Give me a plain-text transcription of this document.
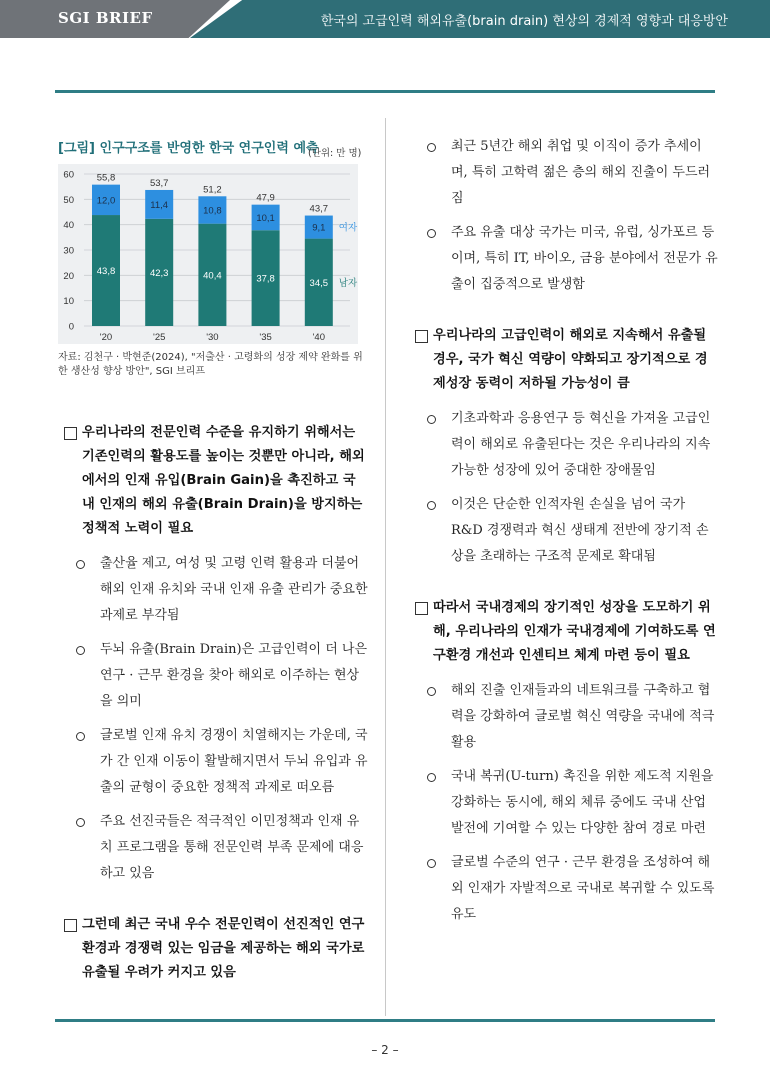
SGI BRIEF	한국의 고급인력 해외유출(brain drain) 현상의 경제적 영향과 대응방안
[그림] 인구구조를 반영한 한국 연구인력 예측
(단위: 만 명)
0
10
20
30
40
50
60
43,8
12,0
55,8
'20
42,3
11,4
53,7
'25
40,4
10,8
51,2
'30
37,8
10,1
47,9
'35
34,5
9,1
43,7
'40
여자
남자
자료: 김천구 · 박현준(2024), "저출산 · 고령화의 성장 제약 완화를 위한 생산성 향상 방안", SGI 브리프
우리나라의 전문인력 수준을 유지하기 위해서는 기존인력의 활용도를 높이는 것뿐만 아니라, 해외에서의 인재 유입(Brain Gain)을 촉진하고 국내 인재의 해외 유출(Brain Drain)을 방지하는 정책적 노력이 필요
출산율 제고, 여성 및 고령 인력 활용과 더불어 해외 인재 유치와 국내 인재 유출 관리가 중요한 과제로 부각됨
두뇌 유출(Brain Drain)은 고급인력이 더 나은 연구 · 근무 환경을 찾아 해외로 이주하는 현상을 의미
글로벌 인재 유치 경쟁이 치열해지는 가운데, 국가 간 인재 이동이 활발해지면서 두뇌 유입과 유출의 균형이 중요한 정책적 과제로 떠오름
주요 선진국들은 적극적인 이민정책과 인재 유치 프로그램을 통해 전문인력 부족 문제에 대응하고 있음
그런데 최근 국내 우수 전문인력이 선진적인 연구 환경과 경쟁력 있는 임금을 제공하는 해외 국가로 유출될 우려가 커지고 있음
최근 5년간 해외 취업 및 이직이 증가 추세이며, 특히 고학력 젊은 층의 해외 진출이 두드러짐
주요 유출 대상 국가는 미국, 유럽, 싱가포르 등이며, 특히 IT, 바이오, 금융 분야에서 전문가 유출이 집중적으로 발생함
우리나라의 고급인력이 해외로 지속해서 유출될 경우, 국가 혁신 역량이 약화되고 장기적으로 경제성장 동력이 저하될 가능성이 큼
기초과학과 응용연구 등 혁신을 가져올 고급인력이 해외로 유출된다는 것은 우리나라의 지속 가능한 성장에 있어 중대한 장애물임
이것은 단순한 인적자원 손실을 넘어 국가 R&D 경쟁력과 혁신 생태계 전반에 장기적 손상을 초래하는 구조적 문제로 확대됨
따라서 국내경제의 장기적인 성장을 도모하기 위해, 우리나라의 인재가 국내경제에 기여하도록 연구환경 개선과 인센티브 체계 마련 등이 필요
해외 진출 인재들과의 네트워크를 구축하고 협력을 강화하여 글로벌 혁신 역량을 국내에 적극 활용
국내 복귀(U-turn) 촉진을 위한 제도적 지원을 강화하는 동시에, 해외 체류 중에도 국내 산업 발전에 기여할 수 있는 다양한 참여 경로 마련
글로벌 수준의 연구 · 근무 환경을 조성하여 해외 인재가 자발적으로 국내로 복귀할 수 있도록 유도
– 2 –
